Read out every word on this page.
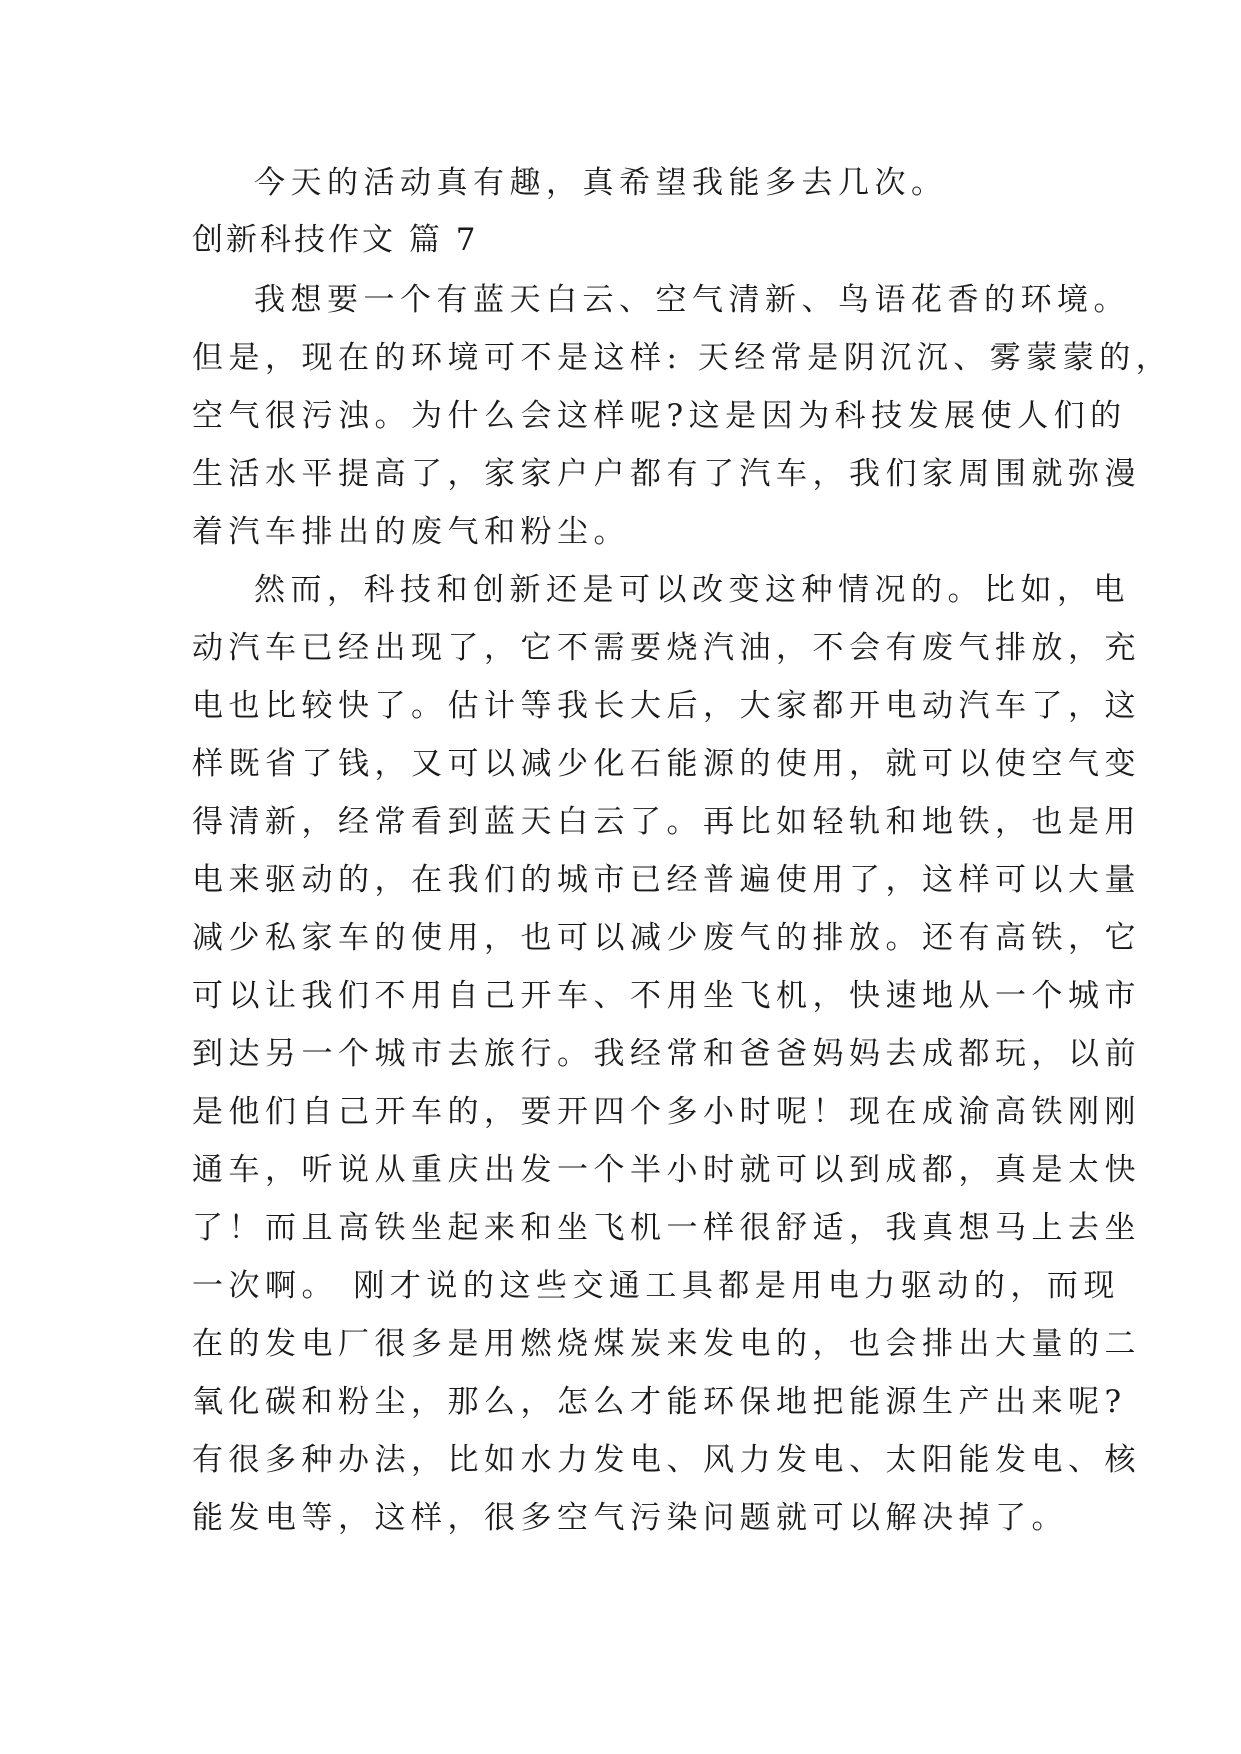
今天的活动真有趣，真希望我能多去几次。
创新科技作文 篇 7
我想要一个有蓝天白云、空气清新、鸟语花香的环境。
但是，现在的环境可不是这样: 天经常是阴沉沉、雾蒙蒙的，
空气很污浊。为什么会这样呢?这是因为科技发展使人们的
生活水平提高了，家家户户都有了汽车，我们家周围就弥漫
着汽车排出的废气和粉尘。
然而，科技和创新还是可以改变这种情况的。比如，电
动汽车已经出现了，它不需要烧汽油，不会有废气排放，充
电也比较快了。估计等我长大后，大家都开电动汽车了，这
样既省了钱，又可以减少化石能源的使用，就可以使空气变
得清新，经常看到蓝天白云了。再比如轻轨和地铁，也是用
电来驱动的，在我们的城市已经普遍使用了，这样可以大量
减少私家车的使用，也可以减少废气的排放。还有高铁，它
可以让我们不用自己开车、不用坐飞机，快速地从一个城市
到达另一个城市去旅行。我经常和爸爸妈妈去成都玩，以前
是他们自己开车的，要开四个多小时呢！现在成渝高铁刚刚
通车，听说从重庆出发一个半小时就可以到成都，真是太快
了！而且高铁坐起来和坐飞机一样很舒适，我真想马上去坐
一次啊。 刚才说的这些交通工具都是用电力驱动的，而现
在的发电厂很多是用燃烧煤炭来发电的，也会排出大量的二
氧化碳和粉尘，那么，怎么才能环保地把能源生产出来呢?
有很多种办法，比如水力发电、风力发电、太阳能发电、核
能发电等，这样，很多空气污染问题就可以解决掉了。
